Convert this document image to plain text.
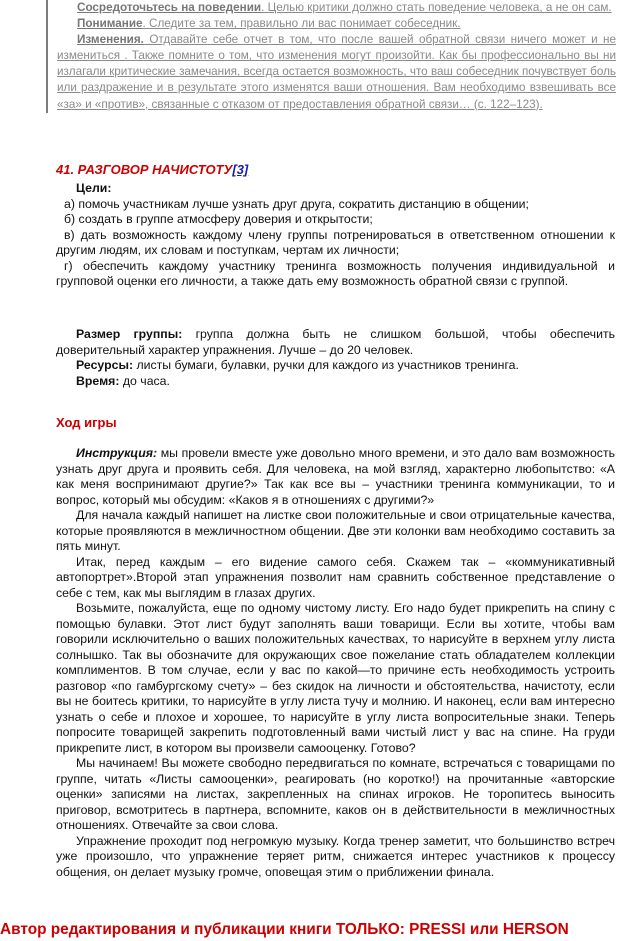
Сосредоточьтесь на поведении. Целью критики должно стать поведение человека, а не он сам.

Понимание. Следите за тем, правильно ли вас понимает собеседник.

Изменения. Отдавайте себе отчет в том, что после вашей обратной связи ничего может и не измениться . Также помните о том, что изменения могут произойти. Как бы профессионально вы ни излагали критические замечания, всегда остается возможность, что ваш собеседник почувствует боль или раздражение и в результате этого изменятся ваши отношения. Вам необходимо взвешивать все «за» и «против», связанные с отказом от предоставления обратной связи… (с. 122–123).

41. РАЗГОВОР НАЧИСТОТУ[3]

Цели:

а) помочь участникам лучше узнать друг друга, сократить дистанцию в общении;

б) создать в группе атмосферу доверия и открытости;

в) дать возможность каждому члену группы потренироваться в ответственном отношении к другим людям, их словам и поступкам, чертам их личности;

г) обеспечить каждому участнику тренинга возможность получения индивидуальной и групповой оценки его личности, а также дать ему возможность обратной связи с группой.

Размер группы: группа должна быть не слишком большой, чтобы обеспечить доверительный характер упражнения. Лучше – до 20 человек.

Ресурсы: листы бумаги, булавки, ручки для каждого из участников тренинга.

Время: до часа.

Ход игры

Инструкция: мы провели вместе уже довольно много времени, и это дало вам возможность узнать друг друга и проявить себя. Для человека, на мой взгляд, характерно любопытство: «А как меня воспринимают другие?» Так как все вы – участники тренинга коммуникации, то и вопрос, который мы обсудим: «Каков я в отношениях с другими?»

Для начала каждый напишет на листке свои положительные и свои отрицательные качества, которые проявляются в межличностном общении. Две эти колонки вам необходимо составить за пять минут.

Итак, перед каждым – его видение самого себя. Скажем так – «коммуникативный автопортрет».Второй этап упражнения позволит нам сравнить собственное представление о себе с тем, как мы выглядим в глазах других.

Возьмите, пожалуйста, еще по одному чистому листу. Его надо будет прикрепить на спину с помощью булавки. Этот лист будут заполнять ваши товарищи. Если вы хотите, чтобы вам говорили исключительно о ваших положительных качествах, то нарисуйте в верхнем углу листа солнышко. Так вы обозначите для окружающих свое пожелание стать обладателем коллекции комплиментов. В том случае, если у вас по какой—то причине есть необходимость устроить разговор «по гамбургскому счету» – без скидок на личности и обстоятельства, начистоту, если вы не боитесь критики, то нарисуйте в углу листа тучу и молнию. И наконец, если вам интересно узнать о себе и плохое и хорошее, то нарисуйте в углу листа вопросительные знаки. Теперь попросите товарищей закрепить подготовленный вами чистый лист у вас на спине. На груди прикрепите лист, в котором вы произвели самооценку. Готово?

Мы начинаем! Вы можете свободно передвигаться по комнате, встречаться с товарищами по группе, читать «Листы самооценки», реагировать (но коротко!) на прочитанные «авторские оценки» записями на листах, закрепленных на спинах игроков. Не торопитесь выносить приговор, всмотритесь в партнера, вспомните, каков он в действительности в межличностных отношениях. Отвечайте за свои слова.

Упражнение проходит под негромкую музыку. Когда тренер заметит, что большинство встреч уже произошло, что упражнение теряет ритм, снижается интерес участников к процессу общения, он делает музыку громче, оповещая этим о приближении финала.

Автор редактирования и публикации книги ТОЛЬКО: PRESSI или HERSON
